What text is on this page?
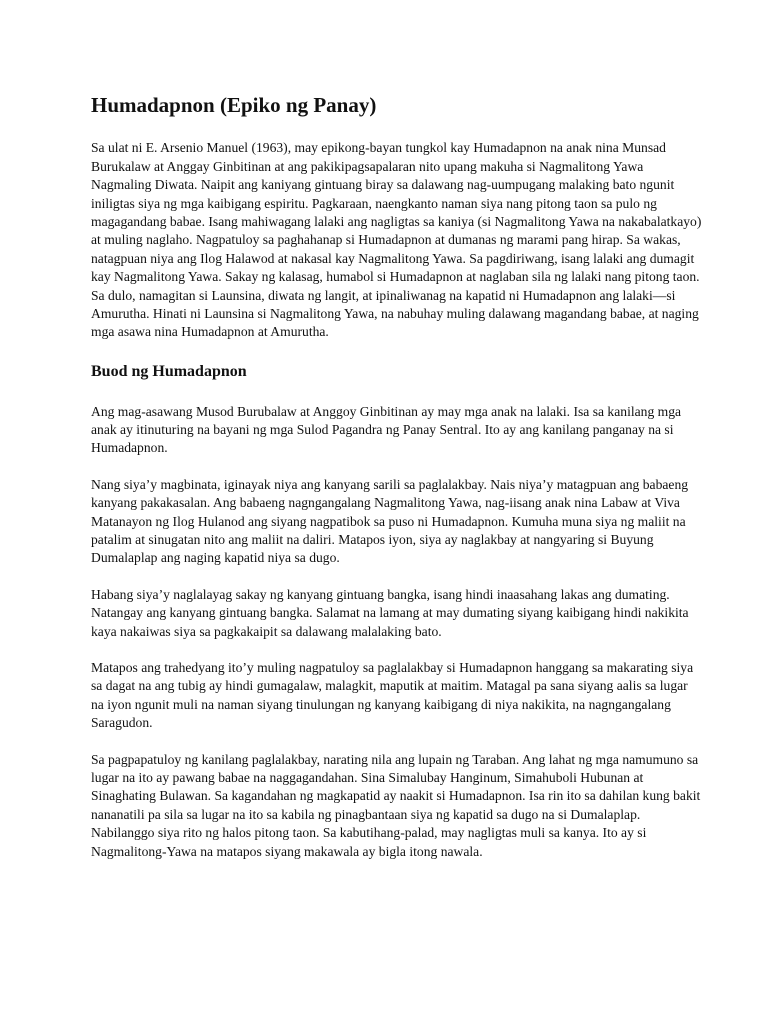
Humadapnon (Epiko ng Panay)

Sa ulat ni E. Arsenio Manuel (1963), may epikong-bayan tungkol kay Humadapnon na anak nina Munsad Burukalaw at Anggay Ginbitinan at ang pakikipagsapalaran nito upang makuha si Nagmalitong Yawa Nagmaling Diwata. Naipit ang kaniyang gintuang biray sa dalawang nag-uumpugang malaking bato ngunit iniligtas siya ng mga kaibigang espiritu. Pagkaraan, naengkanto naman siya nang pitong taon sa pulo ng magagandang babae. Isang mahiwagang lalaki ang nagligtas sa kaniya (si Nagmalitong Yawa na nakabalatkayo) at muling naglaho. Nagpatuloy sa paghahanap si Humadapnon at dumanas ng marami pang hirap. Sa wakas, natagpuan niya ang Ilog Halawod at nakasal kay Nagmalitong Yawa. Sa pagdiriwang, isang lalaki ang dumagit kay Nagmalitong Yawa. Sakay ng kalasag, humabol si Humadapnon at naglaban sila ng lalaki nang pitong taon. Sa dulo, namagitan si Launsina, diwata ng langit, at ipinaliwanag na kapatid ni Humadapnon ang lalaki—si Amurutha. Hinati ni Launsina si Nagmalitong Yawa, na nabuhay muling dalawang magandang babae, at naging mga asawa nina Humadapnon at Amurutha.

Buod ng Humadapnon

Ang mag-asawang Musod Burubalaw at Anggoy Ginbitinan ay may mga anak na lalaki. Isa sa kanilang mga anak ay itinuturing na bayani ng mga Sulod Pagandra ng Panay Sentral. Ito ay ang kanilang panganay na si Humadapnon.

Nang siya’y magbinata, iginayak niya ang kanyang sarili sa paglalakbay. Nais niya’y matagpuan ang babaeng kanyang pakakasalan. Ang babaeng nagngangalang Nagmalitong Yawa, nag-iisang anak nina Labaw at Viva Matanayon ng Ilog Hulanod ang siyang nagpatibok sa puso ni Humadapnon. Kumuha muna siya ng maliit na patalim at sinugatan nito ang maliit na daliri. Matapos iyon, siya ay naglakbay at nangyaring si Buyung Dumalaplap ang naging kapatid niya sa dugo.

Habang siya’y naglalayag sakay ng kanyang gintuang bangka, isang hindi inaasahang lakas ang dumating. Natangay ang kanyang gintuang bangka. Salamat na lamang at may dumating siyang kaibigang hindi nakikita kaya nakaiwas siya sa pagkakaipit sa dalawang malalaking bato.

Matapos ang trahedyang ito’y muling nagpatuloy sa paglalakbay si Humadapnon hanggang sa makarating siya sa dagat na ang tubig ay hindi gumagalaw, malagkit, maputik at maitim. Matagal pa sana siyang aalis sa lugar na iyon ngunit muli na naman siyang tinulungan ng kanyang kaibigang di niya nakikita, na nagngangalang Saragudon.

Sa pagpapatuloy ng kanilang paglalakbay, narating nila ang lupain ng Taraban. Ang lahat ng mga namumuno sa lugar na ito ay pawang babae na naggagandahan. Sina Simalubay Hanginum, Simahuboli Hubunan at Sinaghating Bulawan. Sa kagandahan ng magkapatid ay naakit si Humadapnon. Isa rin ito sa dahilan kung bakit nananatili pa sila sa lugar na ito sa kabila ng pinagbantaan siya ng kapatid sa dugo na si Dumalaplap. Nabilanggo siya rito ng halos pitong taon. Sa kabutihang-palad, may nagligtas muli sa kanya. Ito ay si Nagmalitong-Yawa na matapos siyang makawala ay bigla itong nawala.
